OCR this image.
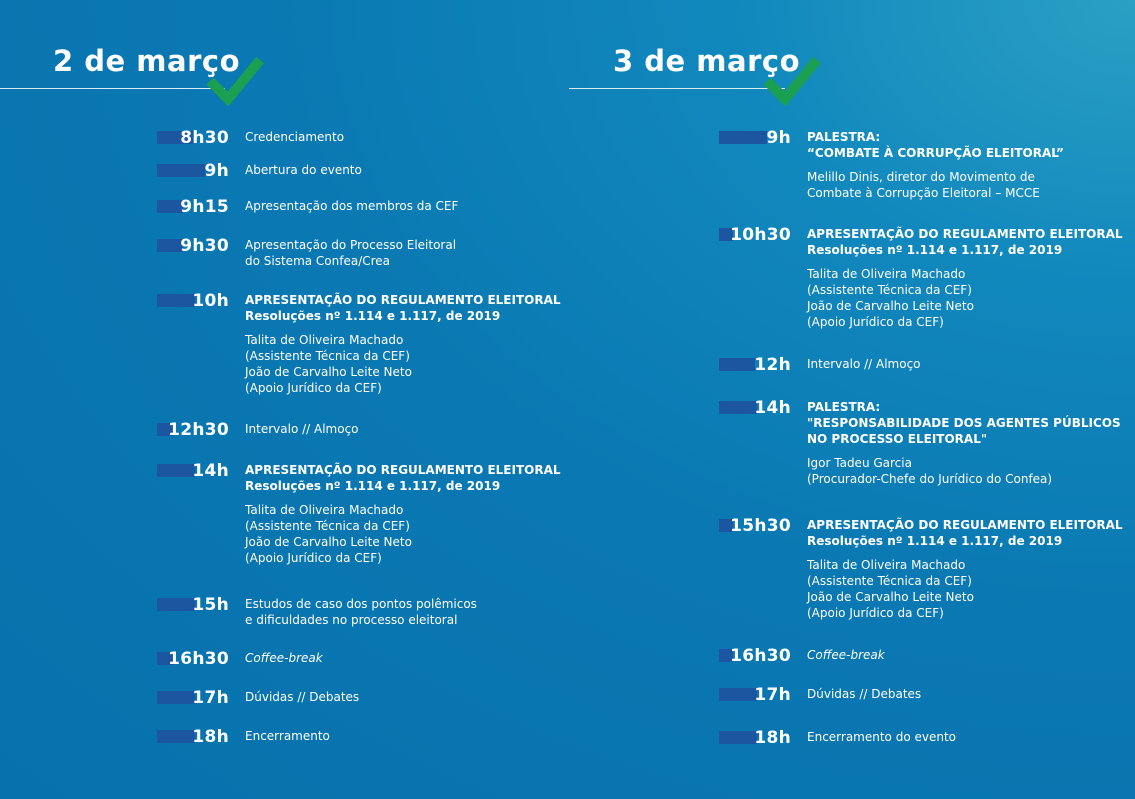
2 de março	3 de março
8h30 Credenciamento
9h Abertura do evento
9h15 Apresentação dos membros da CEF
9h30 Apresentação do Processo Eleitoral
do Sistema Confea/Crea
10h APRESENTAÇÃO DO REGULAMENTO ELEITORAL
Resoluções nº 1.114 e 1.117, de 2019
Talita de Oliveira Machado
(Assistente Técnica da CEF)
João de Carvalho Leite Neto
(Apoio Jurídico da CEF)
12h30 Intervalo // Almoço
14h APRESENTAÇÃO DO REGULAMENTO ELEITORAL
Resoluções nº 1.114 e 1.117, de 2019
Talita de Oliveira Machado
(Assistente Técnica da CEF)
João de Carvalho Leite Neto
(Apoio Jurídico da CEF)
15h Estudos de caso dos pontos polêmicos
e dificuldades no processo eleitoral
16h30 Coffee-break
17h Dúvidas // Debates
18h Encerramento
9h PALESTRA:
“COMBATE À CORRUPÇÃO ELEITORAL”
Melillo Dinis, diretor do Movimento de
Combate à Corrupção Eleitoral – MCCE
10h30 APRESENTAÇÃO DO REGULAMENTO ELEITORAL
Resoluções nº 1.114 e 1.117, de 2019
Talita de Oliveira Machado
(Assistente Técnica da CEF)
João de Carvalho Leite Neto
(Apoio Jurídico da CEF)
12h Intervalo // Almoço
14h PALESTRA:
"RESPONSABILIDADE DOS AGENTES PÚBLICOS
NO PROCESSO ELEITORAL"
Igor Tadeu Garcia
(Procurador-Chefe do Jurídico do Confea)
15h30 APRESENTAÇÃO DO REGULAMENTO ELEITORAL
Resoluções nº 1.114 e 1.117, de 2019
Talita de Oliveira Machado
(Assistente Técnica da CEF)
João de Carvalho Leite Neto
(Apoio Jurídico da CEF)
16h30 Coffee-break
17h Dúvidas // Debates
18h Encerramento do evento
